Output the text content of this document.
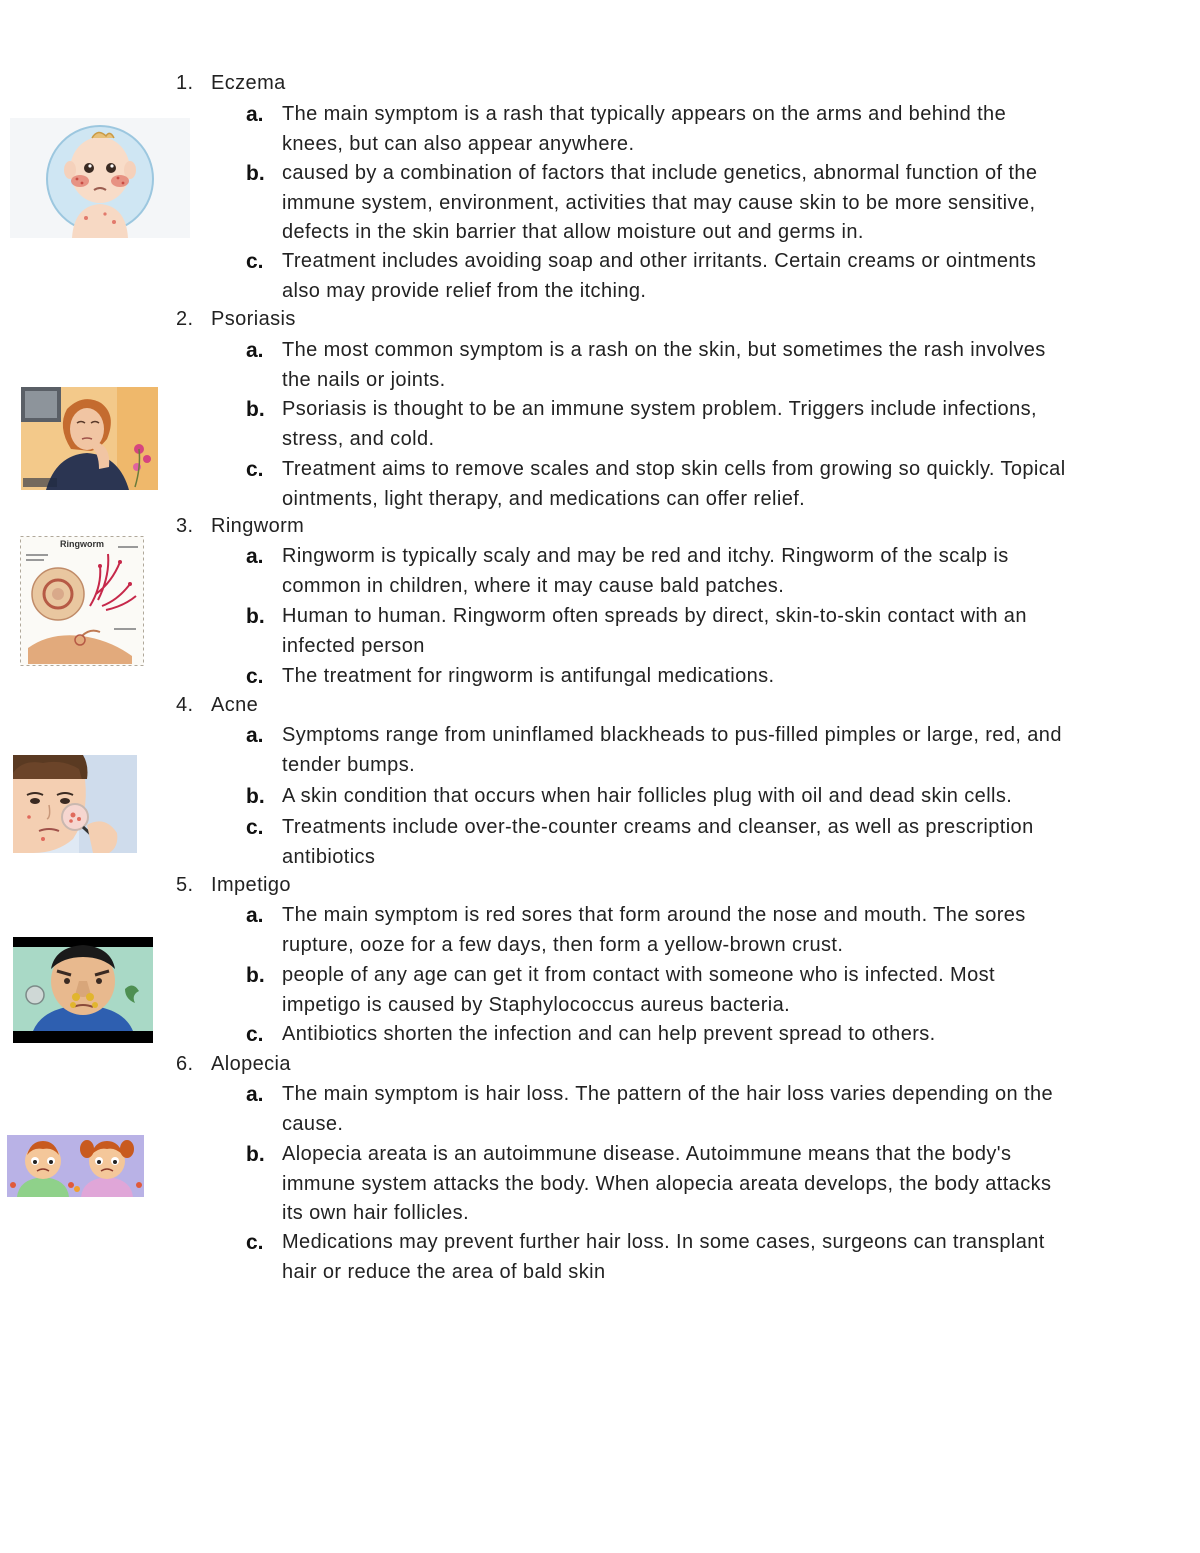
1. Eczema
a. The main symptom is a rash that typically appears on the arms and behind the knees, but can also appear anywhere.
b. caused by a combination of factors that include genetics, abnormal function of the immune system, environment, activities that may cause skin to be more sensitive, defects in the skin barrier that allow moisture out and germs in.
c. Treatment includes avoiding soap and other irritants. Certain creams or ointments also may provide relief from the itching.
2. Psoriasis
a. The most common symptom is a rash on the skin, but sometimes the rash involves the nails or joints.
b. Psoriasis is thought to be an immune system problem. Triggers include infections, stress, and cold.
c. Treatment aims to remove scales and stop skin cells from growing so quickly. Topical ointments, light therapy, and medications can offer relief.
3. Ringworm
a. Ringworm is typically scaly and may be red and itchy. Ringworm of the scalp is common in children, where it may cause bald patches.
b. Human to human. Ringworm often spreads by direct, skin-to-skin contact with an infected person
c. The treatment for ringworm is antifungal medications.
4. Acne
a. Symptoms range from uninflamed blackheads to pus-filled pimples or large, red, and tender bumps.
b. A skin condition that occurs when hair follicles plug with oil and dead skin cells.
c. Treatments include over-the-counter creams and cleanser, as well as prescription antibiotics
5. Impetigo
a. The main symptom is red sores that form around the nose and mouth. The sores rupture, ooze for a few days, then form a yellow-brown crust.
b. people of any age can get it from contact with someone who is infected. Most impetigo is caused by Staphylococcus aureus bacteria.
c. Antibiotics shorten the infection and can help prevent spread to others.
6. Alopecia
a. The main symptom is hair loss. The pattern of the hair loss varies depending on the cause.
b. Alopecia areata is an autoimmune disease. Autoimmune means that the body's immune system attacks the body. When alopecia areata develops, the body attacks its own hair follicles.
c. Medications may prevent further hair loss. In some cases, surgeons can transplant hair or reduce the area of bald skin
Ringworm
